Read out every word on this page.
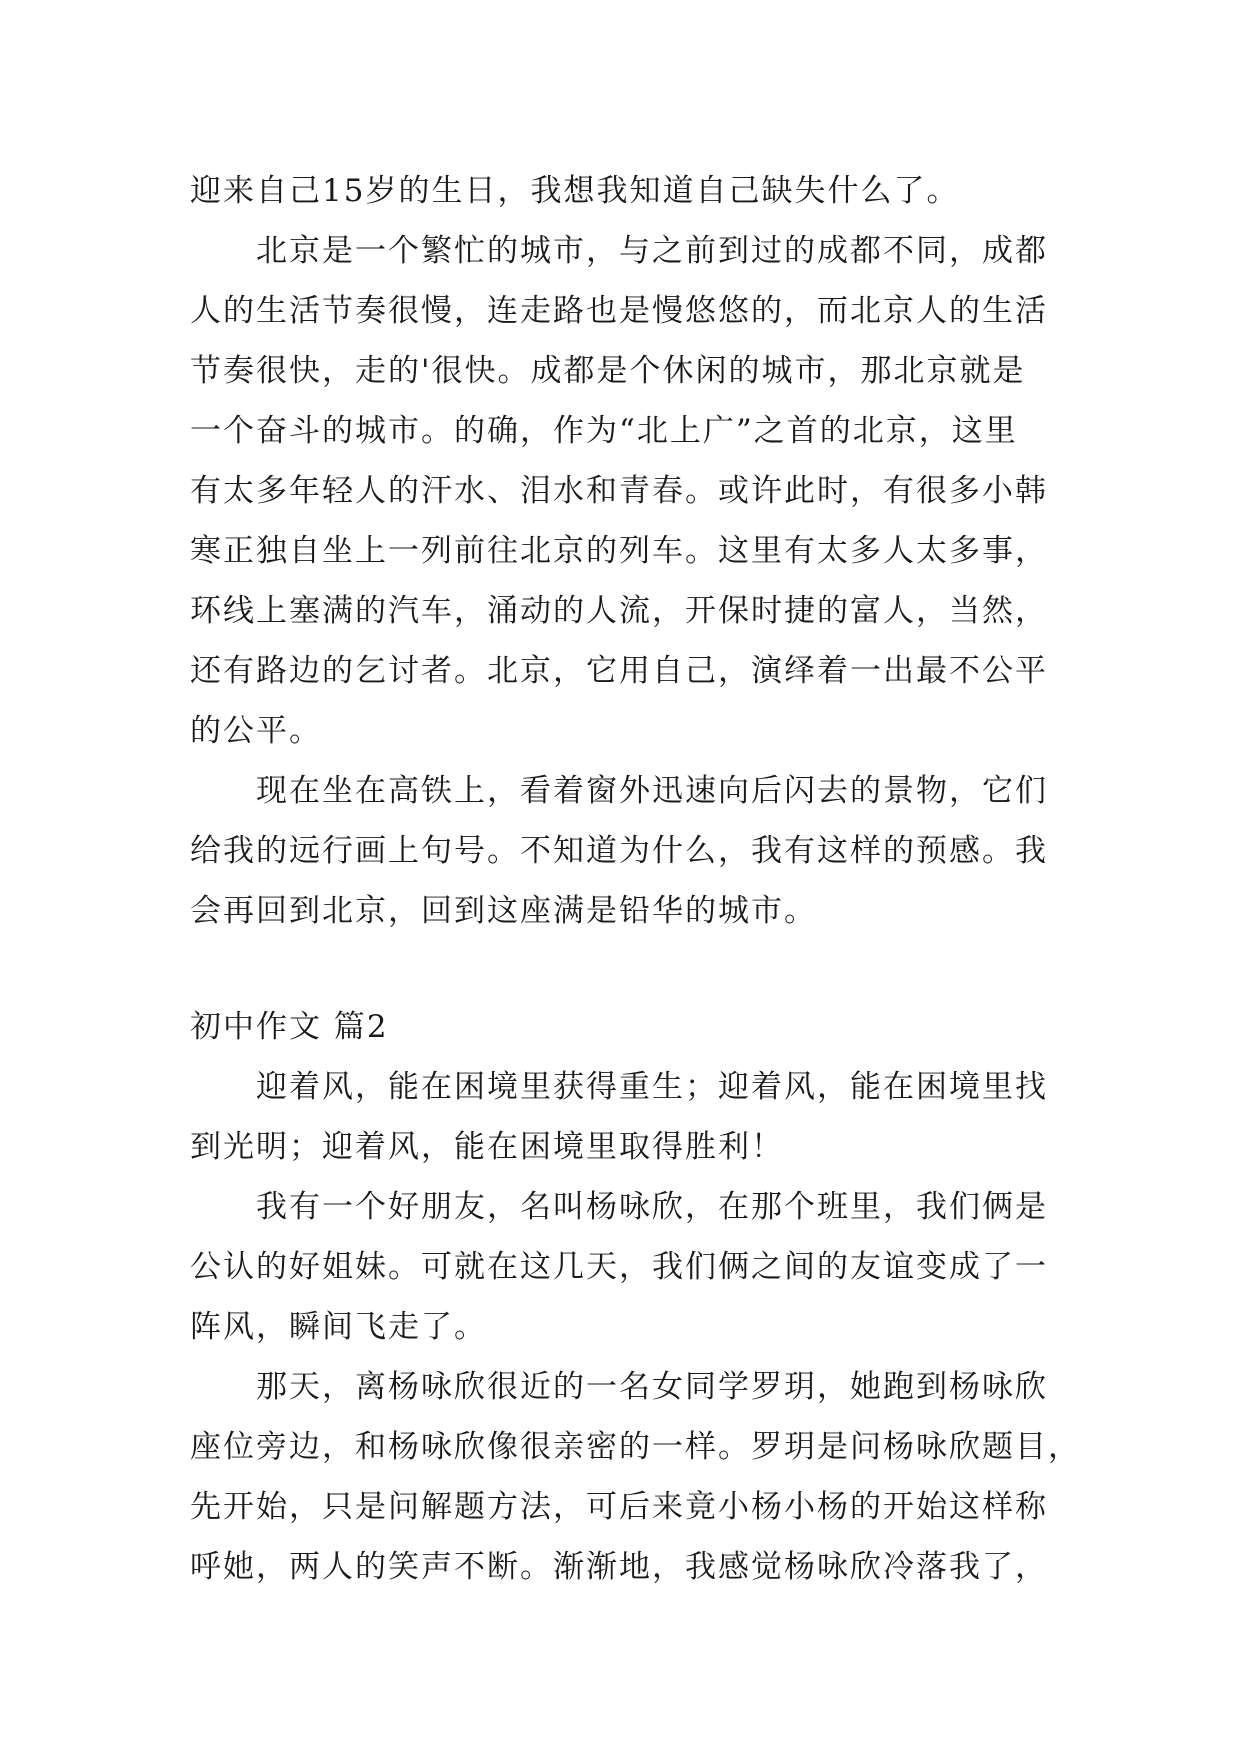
迎来自己15岁的生日，我想我知道自己缺失什么了。
北京是一个繁忙的城市，与之前到过的成都不同，成都
人的生活节奏很慢，连走路也是慢悠悠的，而北京人的生活
节奏很快，走的'很快。成都是个休闲的城市，那北京就是
一个奋斗的城市。的确，作为“北上广”之首的北京，这里
有太多年轻人的汗水、泪水和青春。或许此时，有很多小韩
寒正独自坐上一列前往北京的列车。这里有太多人太多事，
环线上塞满的汽车，涌动的人流，开保时捷的富人，当然，
还有路边的乞讨者。北京，它用自己，演绎着一出最不公平
的公平。
现在坐在高铁上，看着窗外迅速向后闪去的景物，它们
给我的远行画上句号。不知道为什么，我有这样的预感。我
会再回到北京，回到这座满是铅华的城市。
初中作文 篇2
迎着风，能在困境里获得重生；迎着风，能在困境里找
到光明；迎着风，能在困境里取得胜利！
我有一个好朋友，名叫杨咏欣，在那个班里，我们俩是
公认的好姐妹。可就在这几天，我们俩之间的友谊变成了一
阵风，瞬间飞走了。
那天，离杨咏欣很近的一名女同学罗玥，她跑到杨咏欣
座位旁边，和杨咏欣像很亲密的一样。罗玥是问杨咏欣题目，
先开始，只是问解题方法，可后来竟小杨小杨的开始这样称
呼她，两人的笑声不断。渐渐地，我感觉杨咏欣冷落我了，
